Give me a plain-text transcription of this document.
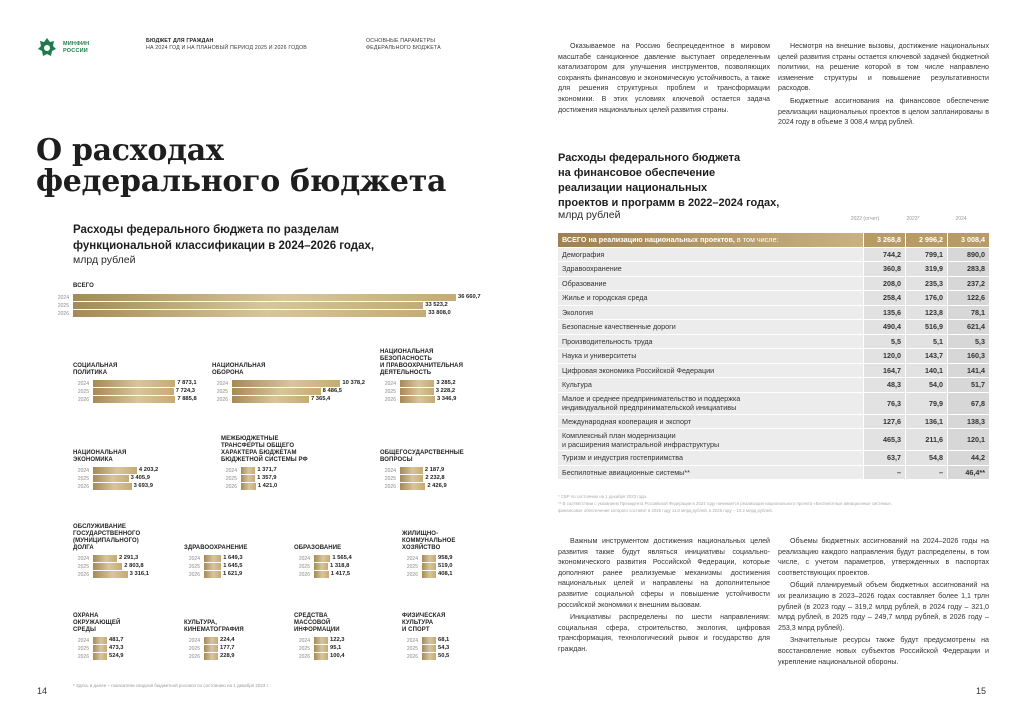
МИНФИН
РОССИИ
БЮДЖЕТ ДЛЯ ГРАЖДАН
НА 2024 ГОД И НА ПЛАНОВЫЙ ПЕРИОД 2025 И 2026 ГОДОВ
ОСНОВНЫЕ ПАРАМЕТРЫ
ФЕДЕРАЛЬНОГО БЮДЖЕТА
О расходах
федерального бюджета
Расходы федерального бюджета по разделам
функциональной классификации в 2024–2026 годах,
млрд рублей
ВСЕГО
2024	36 660,7
2025	33 523,2
2026	33 808,0
СОЦИАЛЬНАЯ
ПОЛИТИКА
2024	7 873,1
2025	7 724,3
2026	7 885,8
НАЦИОНАЛЬНАЯ
ОБОРОНА
2024	10 378,2
2025	8 486,5
2026	7 365,4
НАЦИОНАЛЬНАЯ
БЕЗОПАСНОСТЬ
И ПРАВООХРАНИТЕЛЬНАЯ
ДЕЯТЕЛЬНОСТЬ
2024	3 285,2
2025	3 228,2
2026	3 346,9
НАЦИОНАЛЬНАЯ
ЭКОНОМИКА
2024	4 203,2
2025	3 405,9
2026	3 693,9
МЕЖБЮДЖЕТНЫЕ
ТРАНСФЕРТЫ ОБЩЕГО
ХАРАКТЕРА БЮДЖЕТАМ
БЮДЖЕТНОЙ СИСТЕМЫ РФ
2024	1 371,7
2025	1 357,9
2026	1 421,0
ОБЩЕГОСУДАРСТВЕННЫЕ
ВОПРОСЫ
2024	2 187,9
2025	2 232,8
2026	2 426,9
ОБСЛУЖИВАНИЕ
ГОСУДАРСТВЕННОГО
(МУНИЦИПАЛЬНОГО)
ДОЛГА
2024	2 291,3
2025	2 803,8
2026	3 316,1
ЗДРАВООХРАНЕНИЕ
2024	1 649,3
2025	1 645,5
2026	1 621,9
ОБРАЗОВАНИЕ
2024	1 565,4
2025	1 318,8
2026	1 417,5
ЖИЛИЩНО-
КОММУНАЛЬНОЕ
ХОЗЯЙСТВО
2024	958,9
2025	519,0
2026	408,1
ОХРАНА
ОКРУЖАЮЩЕЙ
СРЕДЫ
2024	481,7
2025	473,3
2026	524,9
КУЛЬТУРА,
КИНЕМАТОГРАФИЯ
2024	224,4
2025	177,7
2026	228,9
СРЕДСТВА
МАССОВОЙ
ИНФОРМАЦИИ
2024	122,3
2025	95,1
2026	100,4
ФИЗИЧЕСКАЯ
КУЛЬТУРА
И СПОРТ
2024	68,1
2025	54,3
2026	50,5
* Здесь и далее – показатели сводной бюджетной росписи по состоянию на 1 декабря 2023 г.
14

Оказываемое на Россию беспрецедентное в мировом масштабе санкционное давление выступает определенным катализатором для улучшения инструментов, позволяющих сохранять финансовую и экономическую устойчивость, а также для решения структурных проблем и трансформации экономики. В этих условиях ключевой остается задача достижения национальных целей развития страны.

Несмотря на внешние вызовы, достижение национальных целей развития страны остается ключевой задачей бюджетной политики, на решение которой в том числе направлено изменение структуры и повышение результативности расходов.

Бюджетные ассигнования на финансовое обеспечение реализации национальных проектов в целом запланированы в 2024 году в объеме 3 008,4 млрд рублей.

Расходы федерального бюджета
на финансовое обеспечение
реализации национальных
проектов и программ в 2022–2024 годах,
млрд рублей	2022 (отчет)	2023*	2024
ВСЕГО на реализацию национальных проектов, в том числе:	3 268,8	2 996,2	3 008,4
Демография	744,2	799,1	890,0
Здравоохранение	360,8	319,9	283,8
Образование	208,0	235,3	237,2
Жилье и городская среда	258,4	176,0	122,6
Экология	135,6	123,8	78,1
Безопасные качественные дороги	490,4	516,9	621,4
Производительность труда	5,5	5,1	5,3
Наука и университеты	120,0	143,7	160,3
Цифровая экономика Российской Федерации	164,7	140,1	141,4
Культура	48,3	54,0	51,7
Малое и среднее предпринимательство и поддержка
индивидуальной предпринимательской инициативы	76,3	79,9	67,8
Международная кооперация и экспорт	127,6	136,1	138,3
Комплексный план модернизации
и расширения магистральной инфраструктуры	465,3	211,6	120,1
Туризм и индустрия гостеприимства	63,7	54,8	44,2
Беспилотные авиационные системы**	–	–	46,4**
* СБР по состоянию на 1 декабря 2023 года.
** В соответствии с указанием Президента Российской Федерации в 2024 году начинается реализация национального проекта «Беспилотные авиационные системы»,
финансовое обеспечение которого составит в 2025 году 11,0 млрд рублей, в 2026 году – 10,2 млрд рублей.

Важным инструментом достижения национальных целей развития также будут являться инициативы социально-экономического развития Российской Федерации, которые дополняют ранее реализуемые механизмы достижения национальных целей и направлены на дополнительное развитие социальной сферы и повышение устойчивости российской экономики к внешним вызовам.

Инициативы распределены по шести направлениям: социальная сфера, строительство, экология, цифровая трансформация, технологический рывок и государство для граждан.

Объемы бюджетных ассигнований на 2024–2026 годы на реализацию каждого направления будут распределены, в том числе, с учетом параметров, утвержденных в паспортах соответствующих проектов.

Общий планируемый объем бюджетных ассигнований на их реализацию в 2023–2026 годах составляет более 1,1 трлн рублей (в 2023 году – 319,2 млрд рублей, в 2024 году – 321,0 млрд рублей, в 2025 году – 249,7 млрд рублей, в 2026 году – 253,3 млрд рублей).

Значительные ресурсы также будут предусмотрены на восстановление новых субъектов Российской Федерации и укрепление национальной обороны.

15
